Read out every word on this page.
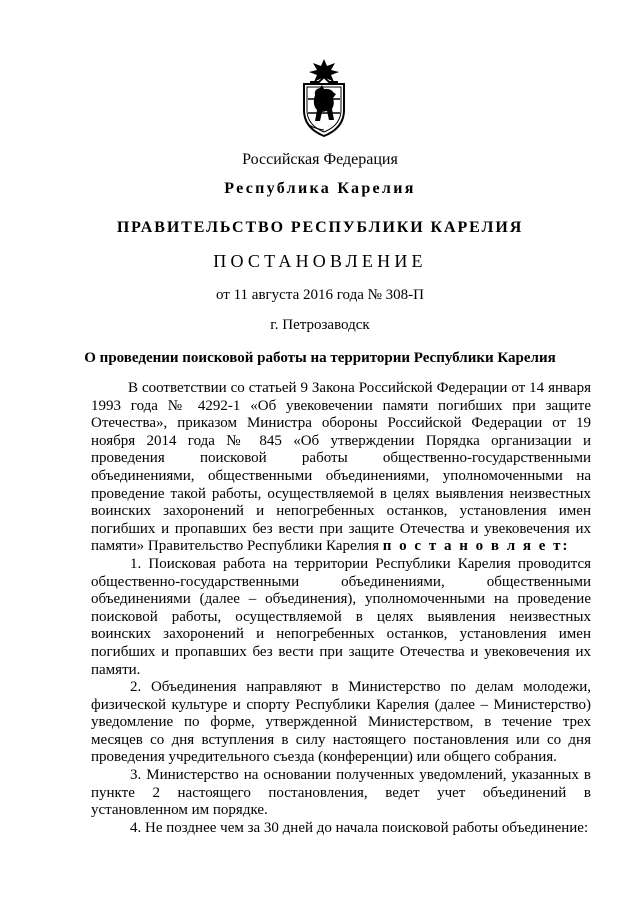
Российская Федерация
Республика Карелия
ПРАВИТЕЛЬСТВО РЕСПУБЛИКИ КАРЕЛИЯ
ПОСТАНОВЛЕНИЕ
от 11 августа 2016 года № 308-П
г. Петрозаводск
О проведении поисковой работы на территории Республики Карелия

В соответствии со статьей 9 Закона Российской Федерации от 14 января 1993 года № 4292-1 «Об увековечении памяти погибших при защите Отечества», приказом Министра обороны Российской Федерации от 19 ноября 2014 года № 845 «Об утверждении Порядка организации и проведения поисковой работы общественно-государственными объединениями, общественными объединениями, уполномоченными на проведение такой работы, осуществляемой в целях выявления неизвестных воинских захоронений и непогребенных останков, установления имен погибших и пропавших без вести при защите Отечества и увековечения их памяти» Правительство Республики Карелия п о с т а н о в л я е т:

1. Поисковая работа на территории Республики Карелия проводится общественно-государственными объединениями, общественными объединениями (далее – объединения), уполномоченными на проведение поисковой работы, осуществляемой в целях выявления неизвестных воинских захоронений и непогребенных останков, установления имен погибших и пропавших без вести при защите Отечества и увековечения их памяти.

2. Объединения направляют в Министерство по делам молодежи, физической культуре и спорту Республики Карелия (далее – Министерство) уведомление по форме, утвержденной Министерством, в течение трех месяцев со дня вступления в силу настоящего постановления или со дня проведения учредительного съезда (конференции) или общего собрания.

3. Министерство на основании полученных уведомлений, указанных в пункте 2 настоящего постановления, ведет учет объединений в установленном им порядке.

4. Не позднее чем за 30 дней до начала поисковой работы объединение:
